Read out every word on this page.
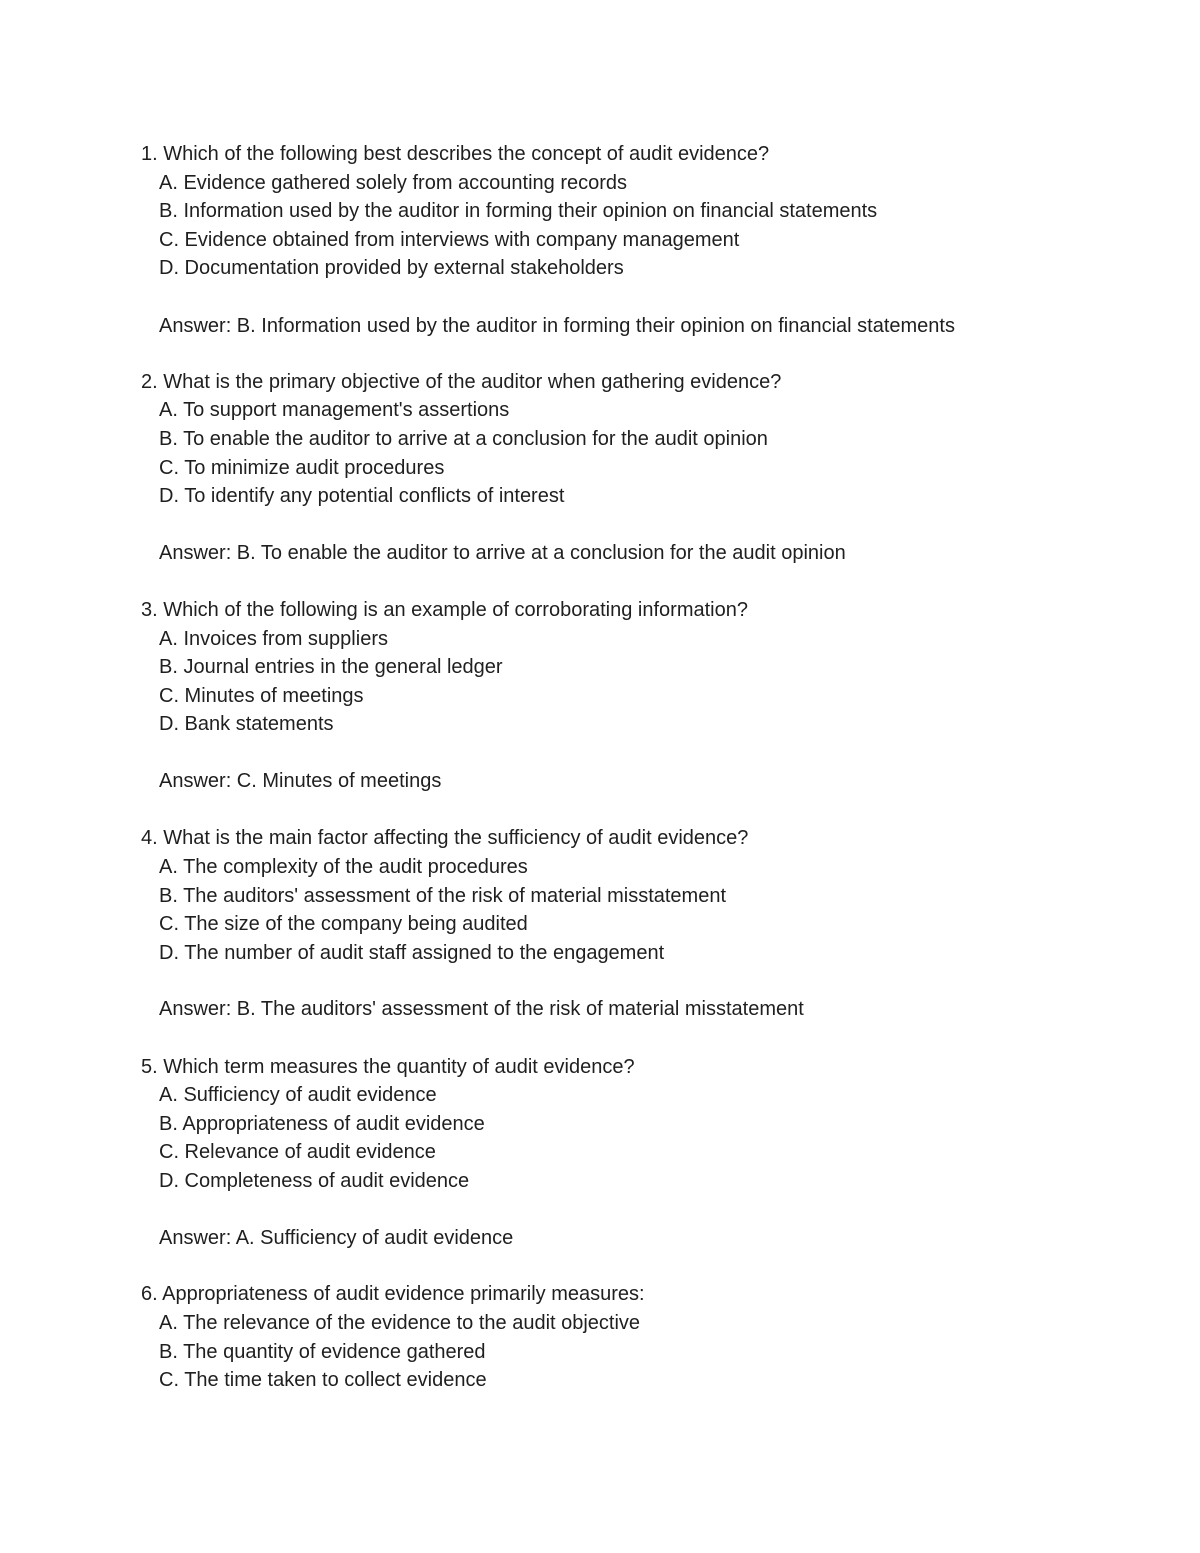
1. Which of the following best describes the concept of audit evidence?
A. Evidence gathered solely from accounting records
B. Information used by the auditor in forming their opinion on financial statements
C. Evidence obtained from interviews with company management
D. Documentation provided by external stakeholders
Answer: B. Information used by the auditor in forming their opinion on financial statements
2. What is the primary objective of the auditor when gathering evidence?
A. To support management's assertions
B. To enable the auditor to arrive at a conclusion for the audit opinion
C. To minimize audit procedures
D. To identify any potential conflicts of interest
Answer: B. To enable the auditor to arrive at a conclusion for the audit opinion
3. Which of the following is an example of corroborating information?
A. Invoices from suppliers
B. Journal entries in the general ledger
C. Minutes of meetings
D. Bank statements
Answer: C. Minutes of meetings
4. What is the main factor affecting the sufficiency of audit evidence?
A. The complexity of the audit procedures
B. The auditors' assessment of the risk of material misstatement
C. The size of the company being audited
D. The number of audit staff assigned to the engagement
Answer: B. The auditors' assessment of the risk of material misstatement
5. Which term measures the quantity of audit evidence?
A. Sufficiency of audit evidence
B. Appropriateness of audit evidence
C. Relevance of audit evidence
D. Completeness of audit evidence
Answer: A. Sufficiency of audit evidence
6. Appropriateness of audit evidence primarily measures:
A. The relevance of the evidence to the audit objective
B. The quantity of evidence gathered
C. The time taken to collect evidence
